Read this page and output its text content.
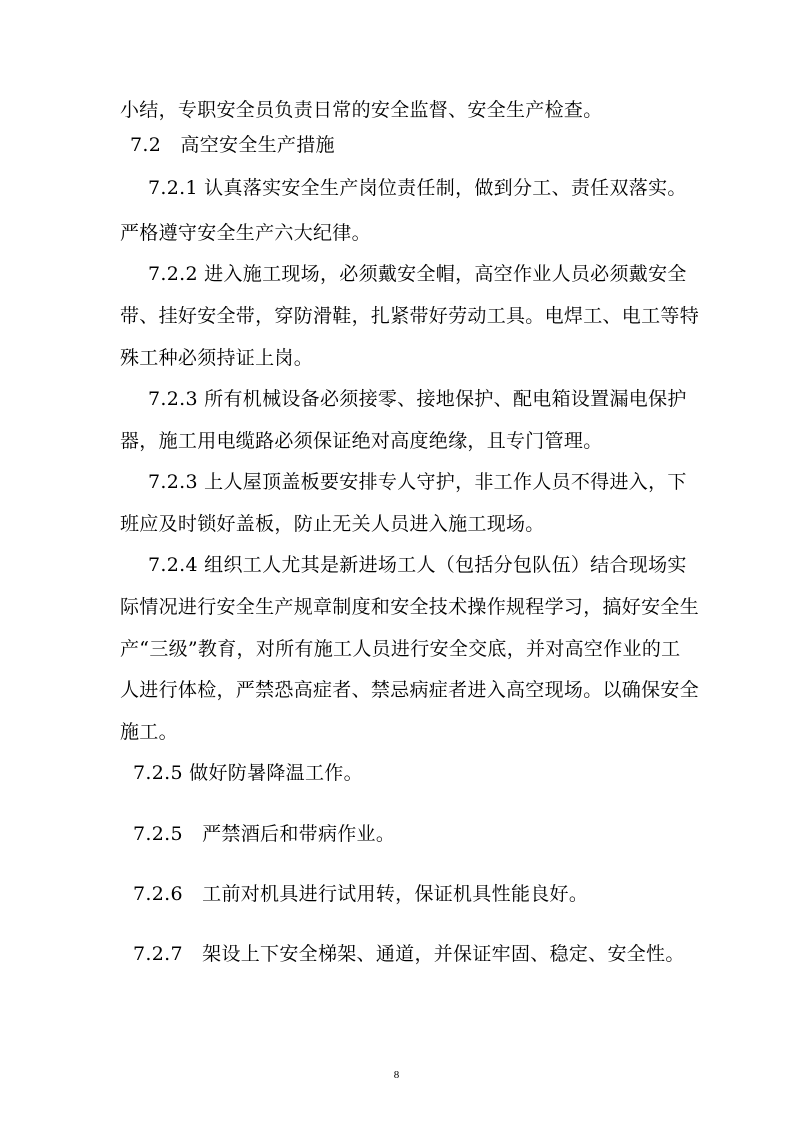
小结，专职安全员负责日常的安全监督、安全生产检查。

7.2　高空安全生产措施

7.2.1 认真落实安全生产岗位责任制，做到分工、责任双落实。

严格遵守安全生产六大纪律。

7.2.2 进入施工现场，必须戴安全帽，高空作业人员必须戴安全

带、挂好安全带，穿防滑鞋，扎紧带好劳动工具。电焊工、电工等特

殊工种必须持证上岗。

7.2.3 所有机械设备必须接零、接地保护、配电箱设置漏电保护

器，施工用电缆路必须保证绝对高度绝缘，且专门管理。

7.2.3 上人屋顶盖板要安排专人守护，非工作人员不得进入，下

班应及时锁好盖板，防止无关人员进入施工现场。

7.2.4 组织工人尤其是新进场工人（包括分包队伍）结合现场实

际情况进行安全生产规章制度和安全技术操作规程学习，搞好安全生

产“三级”教育，对所有施工人员进行安全交底，并对高空作业的工

人进行体检，严禁恐高症者、禁忌病症者进入高空现场。以确保安全

施工。

7.2.5 做好防暑降温工作。

7.2.5　严禁酒后和带病作业。

7.2.6　工前对机具进行试用转，保证机具性能良好。

7.2.7　架设上下安全梯架、通道，并保证牢固、稳定、安全性。

8
